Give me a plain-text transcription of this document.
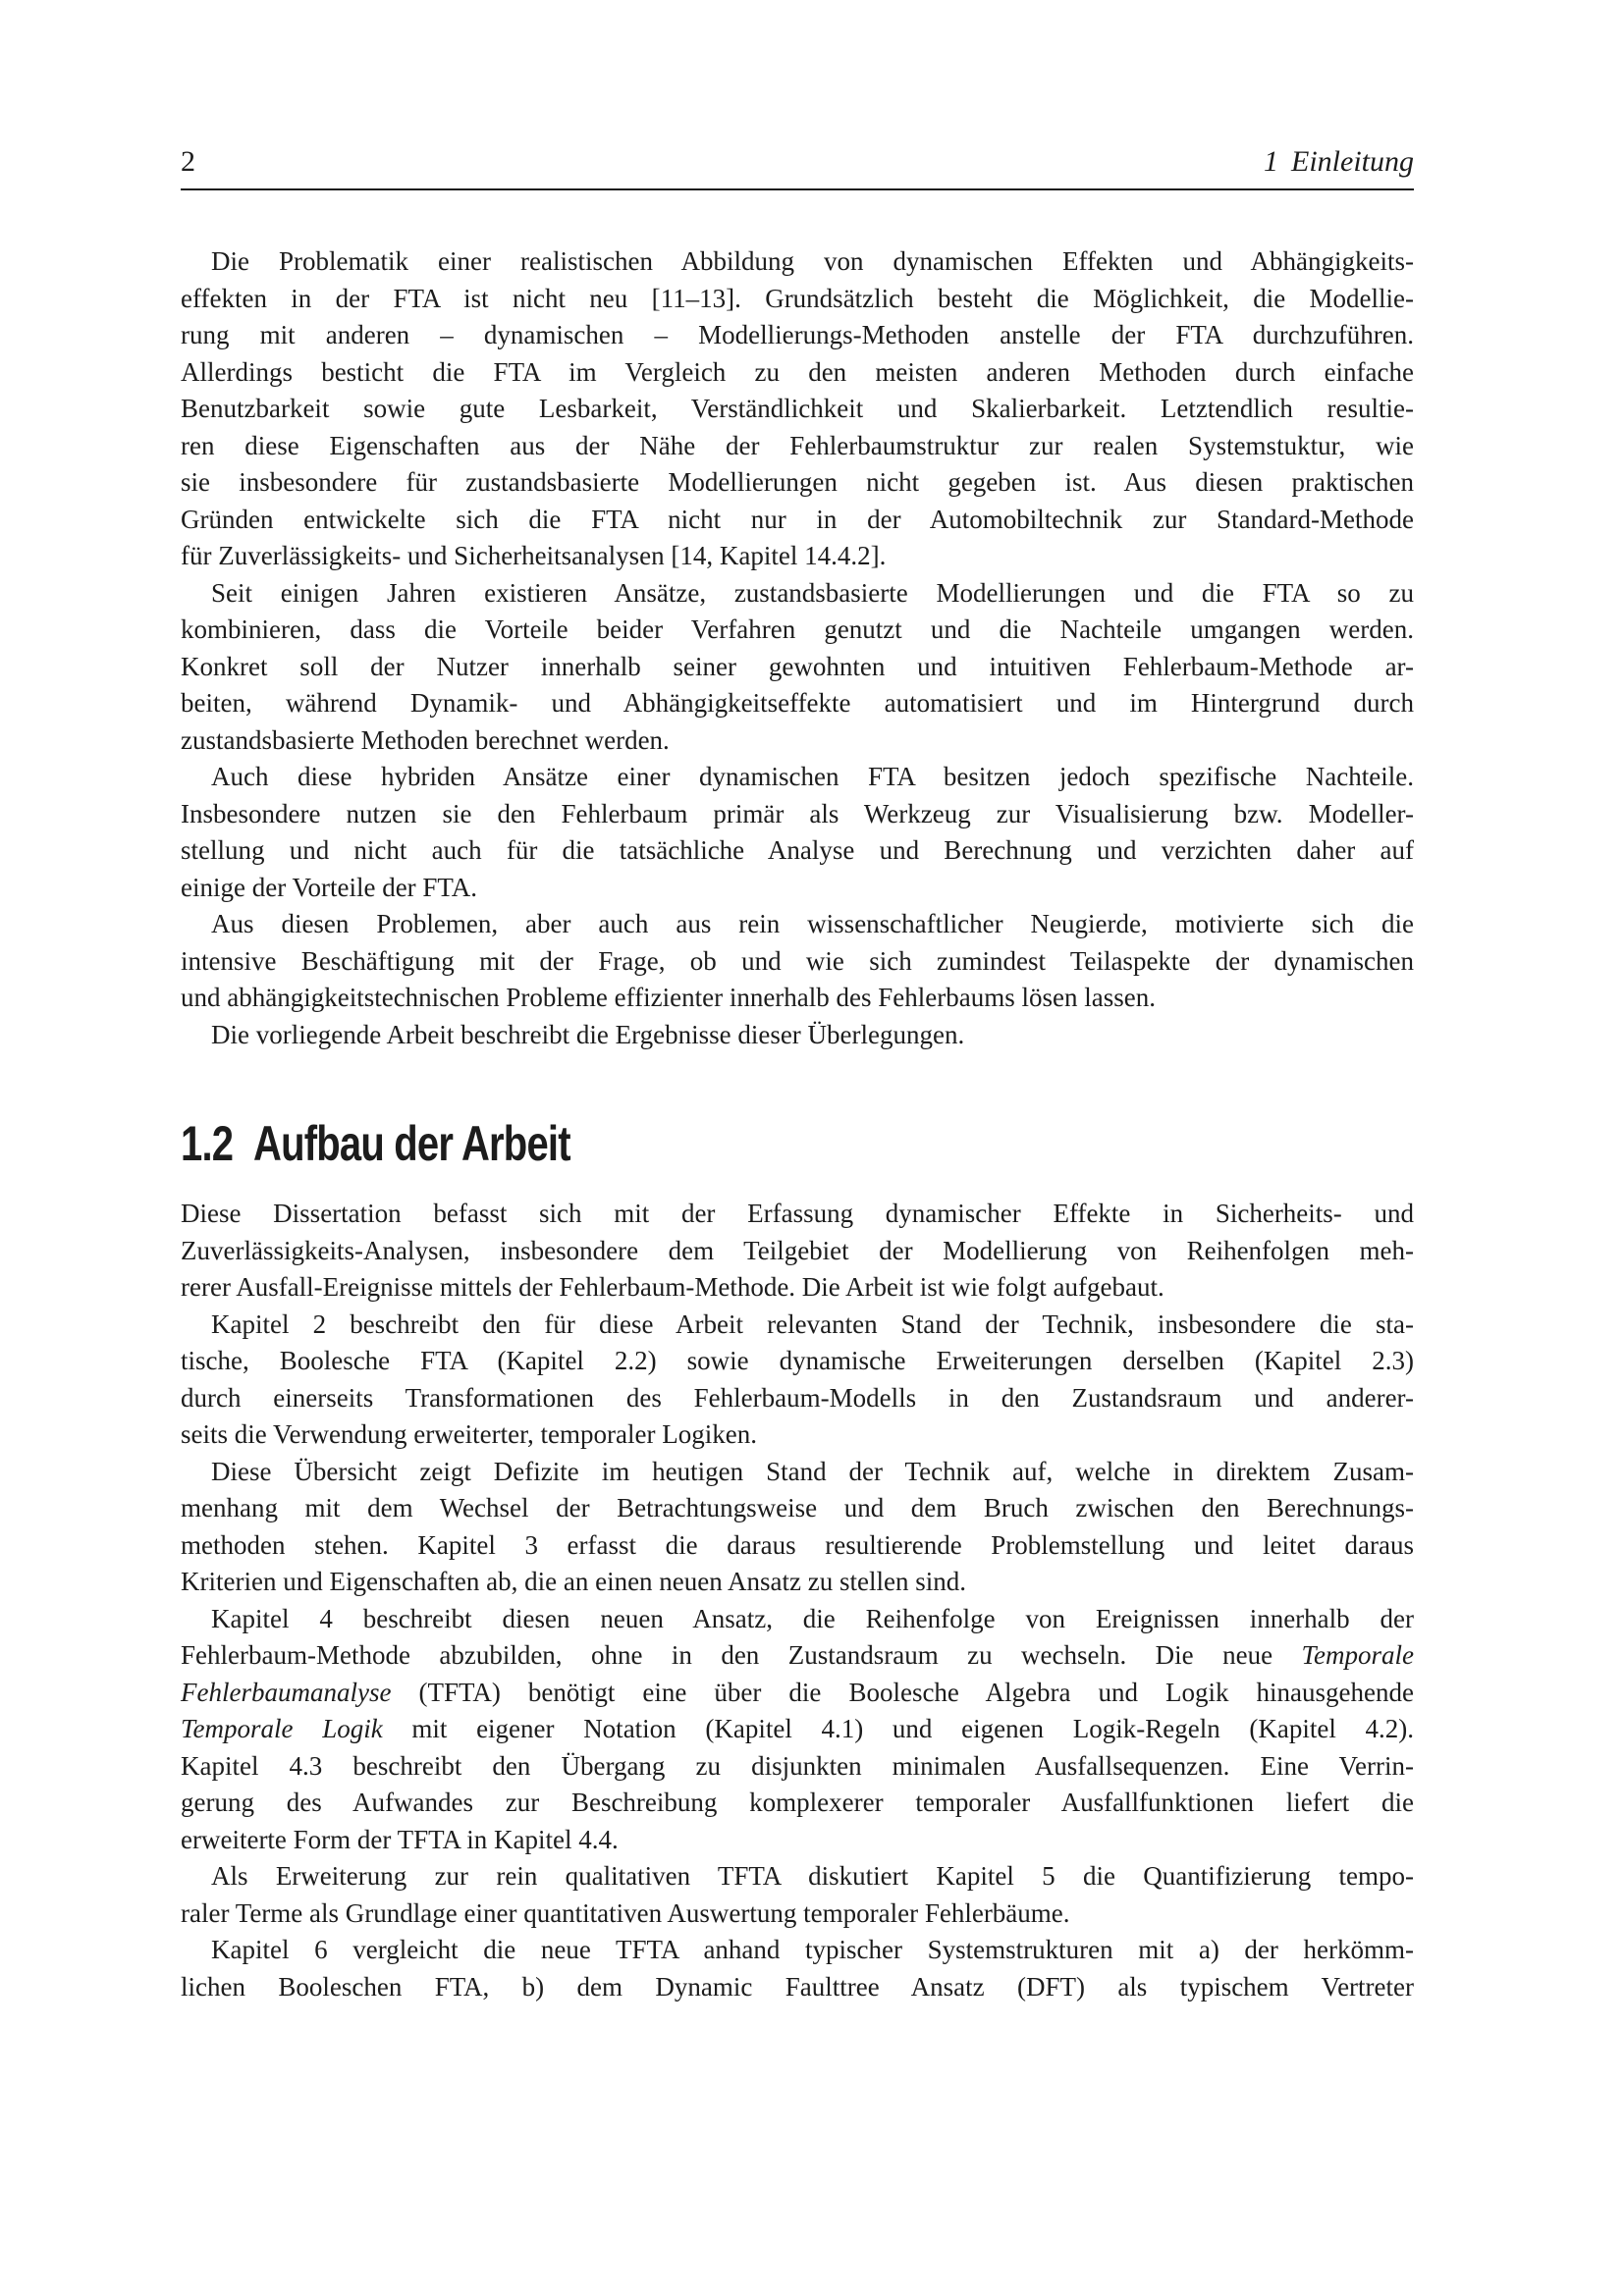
2	1 Einleitung

Die Problematik einer realistischen Abbildung von dynamischen Effekten und Abhängigkeits-
effekten in der FTA ist nicht neu [11–13]. Grundsätzlich besteht die Möglichkeit, die Modellie-
rung mit anderen – dynamischen – Modellierungs-Methoden anstelle der FTA durchzuführen.
Allerdings besticht die FTA im Vergleich zu den meisten anderen Methoden durch einfache
Benutzbarkeit sowie gute Lesbarkeit, Verständlichkeit und Skalierbarkeit. Letztendlich resultie-
ren diese Eigenschaften aus der Nähe der Fehlerbaumstruktur zur realen Systemstuktur, wie
sie insbesondere für zustandsbasierte Modellierungen nicht gegeben ist. Aus diesen praktischen
Gründen entwickelte sich die FTA nicht nur in der Automobiltechnik zur Standard-Methode
für Zuverlässigkeits- und Sicherheitsanalysen [14, Kapitel 14.4.2].

Seit einigen Jahren existieren Ansätze, zustandsbasierte Modellierungen und die FTA so zu
kombinieren, dass die Vorteile beider Verfahren genutzt und die Nachteile umgangen werden.
Konkret soll der Nutzer innerhalb seiner gewohnten und intuitiven Fehlerbaum-Methode ar-
beiten, während Dynamik- und Abhängigkeitseffekte automatisiert und im Hintergrund durch
zustandsbasierte Methoden berechnet werden.

Auch diese hybriden Ansätze einer dynamischen FTA besitzen jedoch spezifische Nachteile.
Insbesondere nutzen sie den Fehlerbaum primär als Werkzeug zur Visualisierung bzw. Modeller-
stellung und nicht auch für die tatsächliche Analyse und Berechnung und verzichten daher auf
einige der Vorteile der FTA.

Aus diesen Problemen, aber auch aus rein wissenschaftlicher Neugierde, motivierte sich die
intensive Beschäftigung mit der Frage, ob und wie sich zumindest Teilaspekte der dynamischen
und abhängigkeitstechnischen Probleme effizienter innerhalb des Fehlerbaums lösen lassen.

Die vorliegende Arbeit beschreibt die Ergebnisse dieser Überlegungen.

1.2 Aufbau der Arbeit

Diese Dissertation befasst sich mit der Erfassung dynamischer Effekte in Sicherheits- und
Zuverlässigkeits-Analysen, insbesondere dem Teilgebiet der Modellierung von Reihenfolgen meh-
rerer Ausfall-Ereignisse mittels der Fehlerbaum-Methode. Die Arbeit ist wie folgt aufgebaut.

Kapitel 2 beschreibt den für diese Arbeit relevanten Stand der Technik, insbesondere die sta-
tische, Boolesche FTA (Kapitel 2.2) sowie dynamische Erweiterungen derselben (Kapitel 2.3)
durch einerseits Transformationen des Fehlerbaum-Modells in den Zustandsraum und anderer-
seits die Verwendung erweiterter, temporaler Logiken.

Diese Übersicht zeigt Defizite im heutigen Stand der Technik auf, welche in direktem Zusam-
menhang mit dem Wechsel der Betrachtungsweise und dem Bruch zwischen den Berechnungs-
methoden stehen. Kapitel 3 erfasst die daraus resultierende Problemstellung und leitet daraus
Kriterien und Eigenschaften ab, die an einen neuen Ansatz zu stellen sind.

Kapitel 4 beschreibt diesen neuen Ansatz, die Reihenfolge von Ereignissen innerhalb der
Fehlerbaum-Methode abzubilden, ohne in den Zustandsraum zu wechseln. Die neue Temporale
Fehlerbaumanalyse (TFTA) benötigt eine über die Boolesche Algebra und Logik hinausgehende
Temporale Logik mit eigener Notation (Kapitel 4.1) und eigenen Logik-Regeln (Kapitel 4.2).
Kapitel 4.3 beschreibt den Übergang zu disjunkten minimalen Ausfallsequenzen. Eine Verrin-
gerung des Aufwandes zur Beschreibung komplexerer temporaler Ausfallfunktionen liefert die
erweiterte Form der TFTA in Kapitel 4.4.

Als Erweiterung zur rein qualitativen TFTA diskutiert Kapitel 5 die Quantifizierung tempo-
raler Terme als Grundlage einer quantitativen Auswertung temporaler Fehlerbäume.

Kapitel 6 vergleicht die neue TFTA anhand typischer Systemstrukturen mit a) der herkömm-
lichen Booleschen FTA, b) dem Dynamic Faulttree Ansatz (DFT) als typischem Vertreter
